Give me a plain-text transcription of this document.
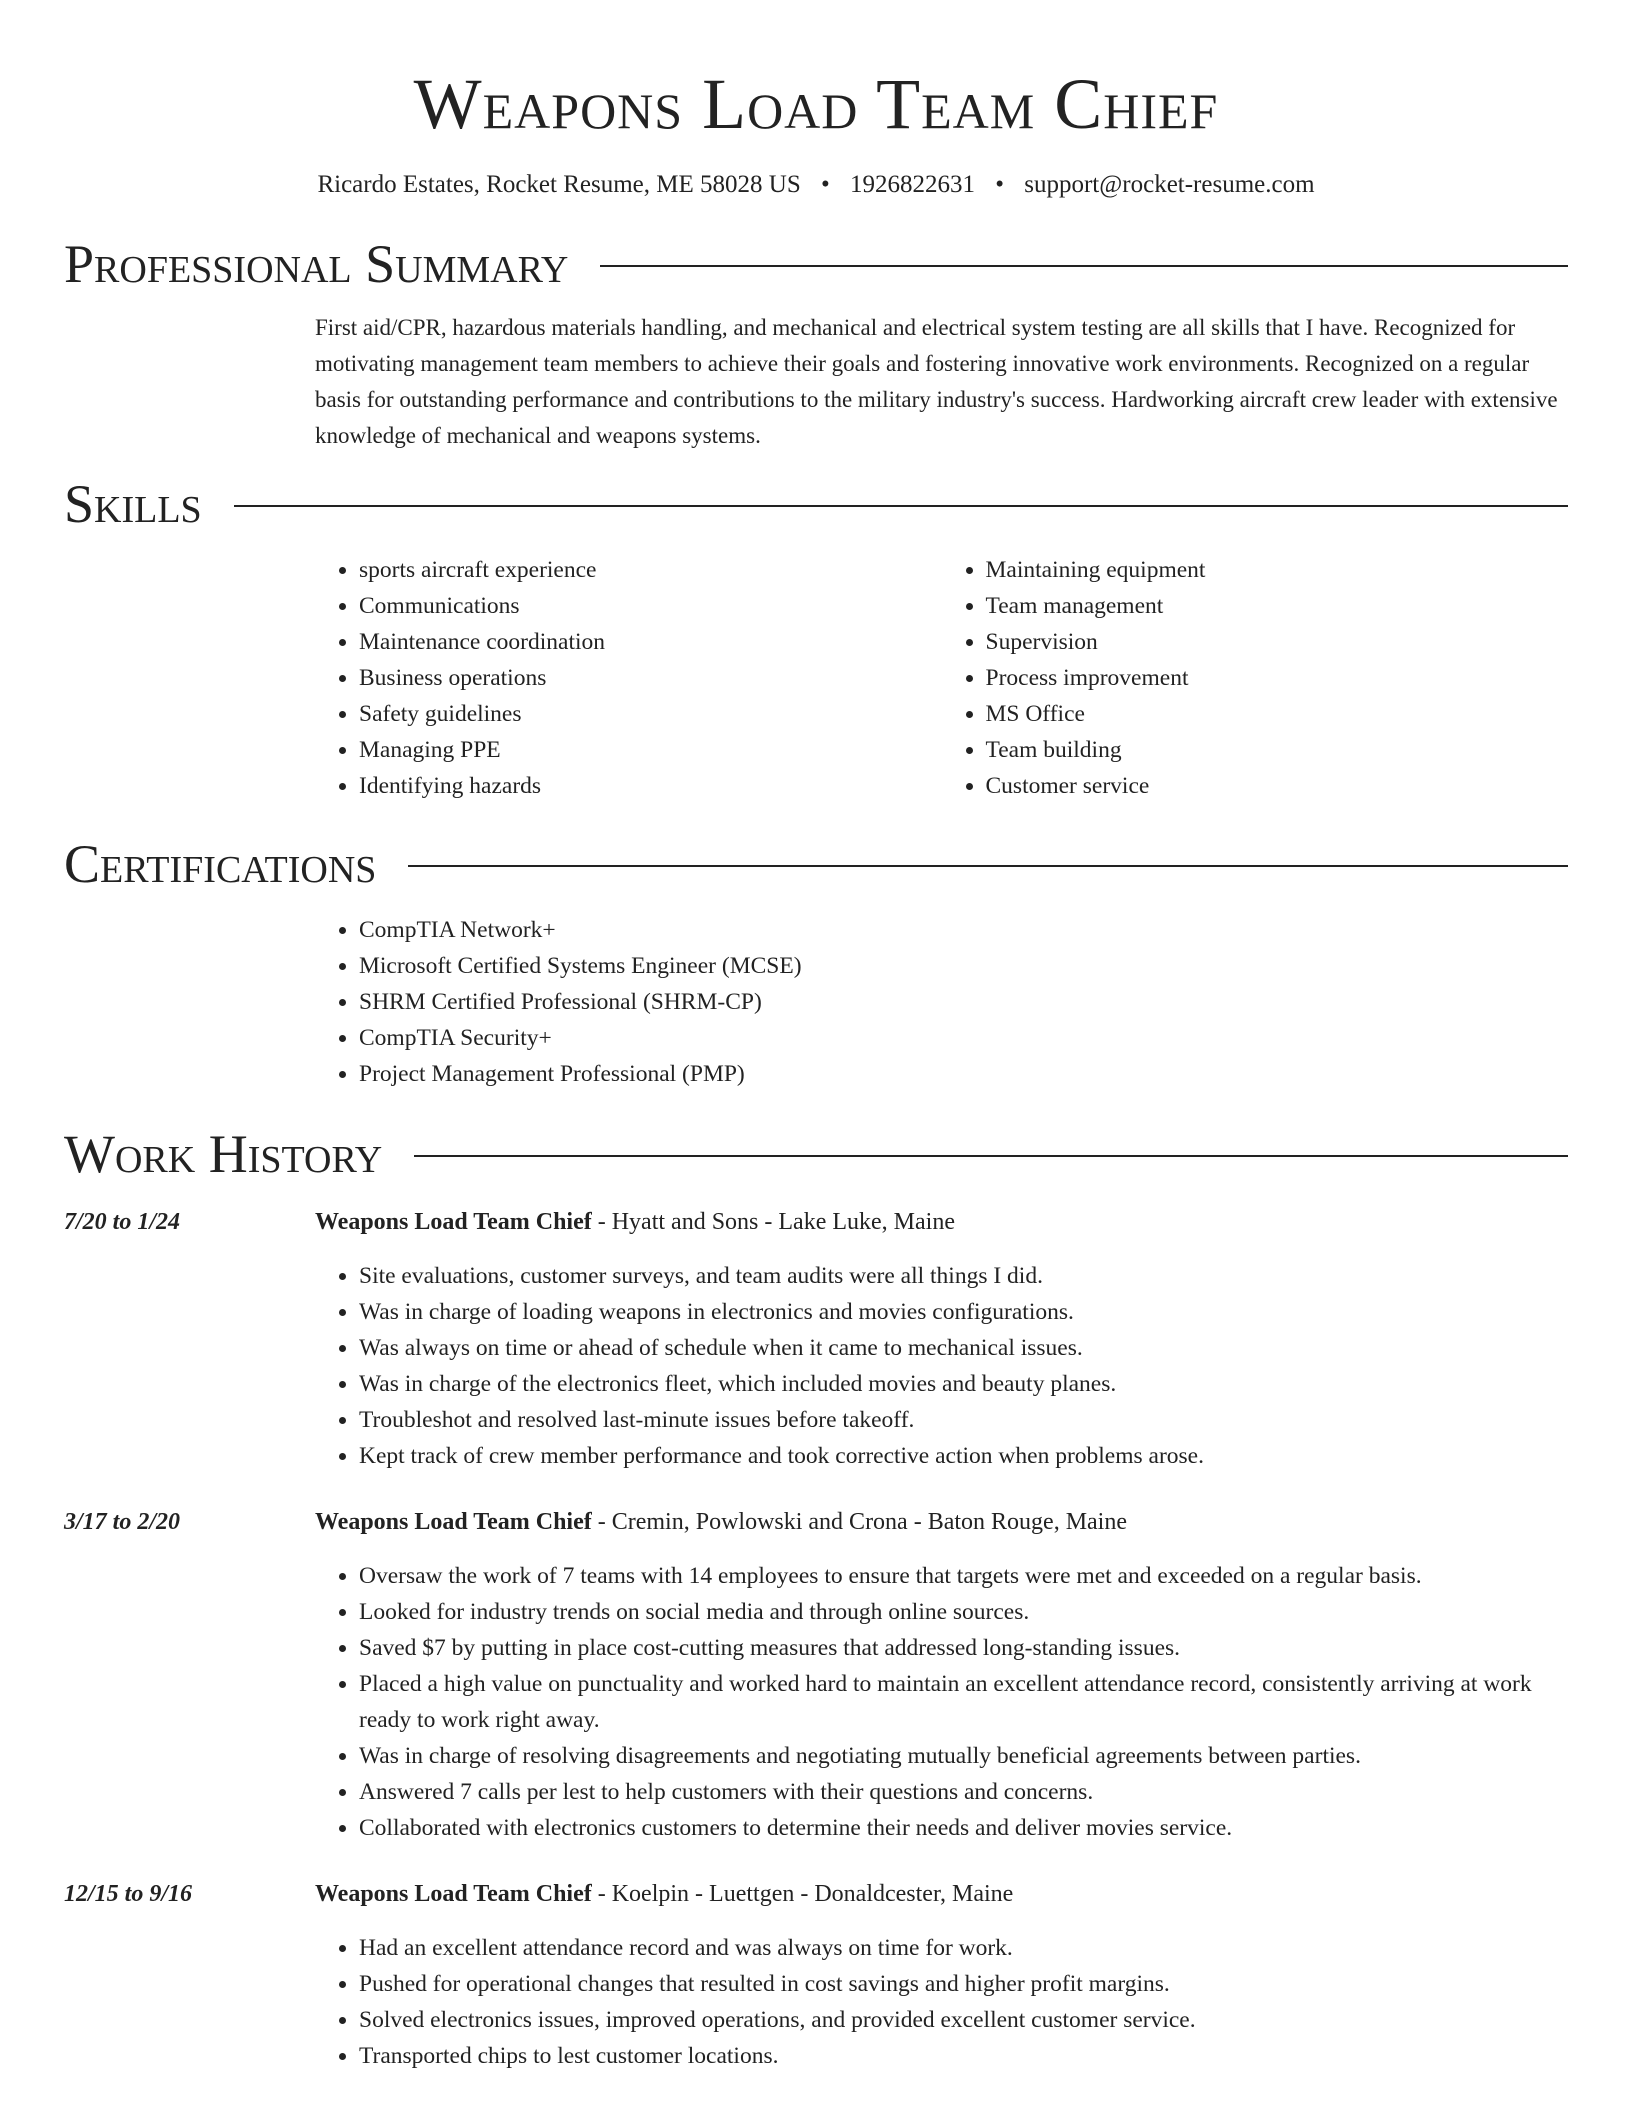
Weapons Load Team Chief
Ricardo Estates, Rocket Resume, ME 58028 US • 1926822631 • support@rocket-resume.com
Professional Summary

First aid/CPR, hazardous materials handling, and mechanical and electrical system testing are all skills that I have. Recognized for motivating management team members to achieve their goals and fostering innovative work environments. Recognized on a regular basis for outstanding performance and contributions to the military industry's success. Hardworking aircraft crew leader with extensive knowledge of mechanical and weapons systems.

Skills
• sports aircraft experience
• Communications
• Maintenance coordination
• Business operations
• Safety guidelines
• Managing PPE
• Identifying hazards
• Maintaining equipment
• Team management
• Supervision
• Process improvement
• MS Office
• Team building
• Customer service
Certifications
• CompTIA Network+
• Microsoft Certified Systems Engineer (MCSE)
• SHRM Certified Professional (SHRM-CP)
• CompTIA Security+
• Project Management Professional (PMP)
Work History
7/20 to 1/24	Weapons Load Team Chief - Hyatt and Sons - Lake Luke, Maine
• Site evaluations, customer surveys, and team audits were all things I did.
• Was in charge of loading weapons in electronics and movies configurations.
• Was always on time or ahead of schedule when it came to mechanical issues.
• Was in charge of the electronics fleet, which included movies and beauty planes.
• Troubleshot and resolved last-minute issues before takeoff.
• Kept track of crew member performance and took corrective action when problems arose.
3/17 to 2/20	Weapons Load Team Chief - Cremin, Powlowski and Crona - Baton Rouge, Maine
• Oversaw the work of 7 teams with 14 employees to ensure that targets were met and exceeded on a regular basis.
• Looked for industry trends on social media and through online sources.
• Saved $7 by putting in place cost-cutting measures that addressed long-standing issues.
• Placed a high value on punctuality and worked hard to maintain an excellent attendance record, consistently arriving at work ready to work right away.
• Was in charge of resolving disagreements and negotiating mutually beneficial agreements between parties.
• Answered 7 calls per lest to help customers with their questions and concerns.
• Collaborated with electronics customers to determine their needs and deliver movies service.
12/15 to 9/16	Weapons Load Team Chief - Koelpin - Luettgen - Donaldcester, Maine
• Had an excellent attendance record and was always on time for work.
• Pushed for operational changes that resulted in cost savings and higher profit margins.
• Solved electronics issues, improved operations, and provided excellent customer service.
• Transported chips to lest customer locations.
